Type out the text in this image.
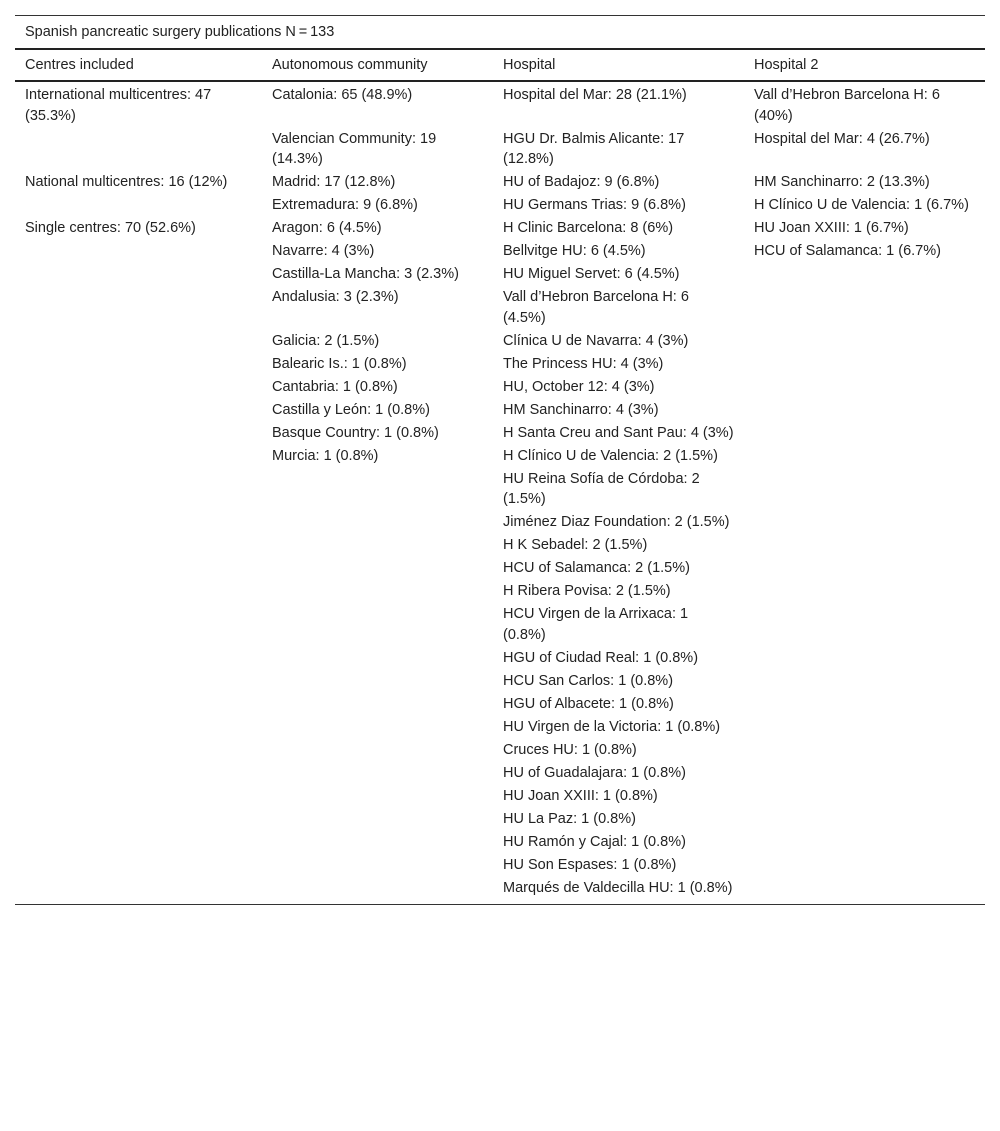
Spanish pancreatic surgery publications N = 133			
Centres included	Autonomous community	Hospital	Hospital 2

International multicentres: 47 (35.3%)	Catalonia: 65 (48.9%)	Hospital del Mar: 28 (21.1%)	Vall d’Hebron Barcelona H: 6 (40%)
	Valencian Community: 19 (14.3%)	HGU Dr. Balmis Alicante: 17 (12.8%)	Hospital del Mar: 4 (26.7%)
National multicentres: 16 (12%)	Madrid: 17 (12.8%)	HU of Badajoz: 9 (6.8%)	HM Sanchinarro: 2 (13.3%)
	Extremadura: 9 (6.8%)	HU Germans Trias: 9 (6.8%)	H Clínico U de Valencia: 1 (6.7%)
Single centres: 70 (52.6%)	Aragon: 6 (4.5%)	H Clinic Barcelona: 8 (6%)	HU Joan XXIII: 1 (6.7%)
	Navarre: 4 (3%)	Bellvitge HU: 6 (4.5%)	HCU of Salamanca: 1 (6.7%)
	Castilla-La Mancha: 3 (2.3%)	HU Miguel Servet: 6 (4.5%)	
	Andalusia: 3 (2.3%)	Vall d’Hebron Barcelona H: 6 (4.5%)	
	Galicia: 2 (1.5%)	Clínica U de Navarra: 4 (3%)	
	Balearic Is.: 1 (0.8%)	The Princess HU: 4 (3%)	
	Cantabria: 1 (0.8%)	HU, October 12: 4 (3%)	
	Castilla y León: 1 (0.8%)	HM Sanchinarro: 4 (3%)	
	Basque Country: 1 (0.8%)	H Santa Creu and Sant Pau: 4 (3%)	
	Murcia: 1 (0.8%)	H Clínico U de Valencia: 2 (1.5%)	
		HU Reina Sofía de Córdoba: 2 (1.5%)	
		Jiménez Diaz Foundation: 2 (1.5%)	
		H K Sebadel: 2 (1.5%)	
		HCU of Salamanca: 2 (1.5%)	
		H Ribera Povisa: 2 (1.5%)	
		HCU Virgen de la Arrixaca: 1 (0.8%)	
		HGU of Ciudad Real: 1 (0.8%)	
		HCU San Carlos: 1 (0.8%)	
		HGU of Albacete: 1 (0.8%)	
		HU Virgen de la Victoria: 1 (0.8%)	
		Cruces HU: 1 (0.8%)	
		HU of Guadalajara: 1 (0.8%)	
		HU Joan XXIII: 1 (0.8%)	
		HU La Paz: 1 (0.8%)	
		HU Ramón y Cajal: 1 (0.8%)	
		HU Son Espases: 1 (0.8%)	
		Marqués de Valdecilla HU: 1 (0.8%)	
